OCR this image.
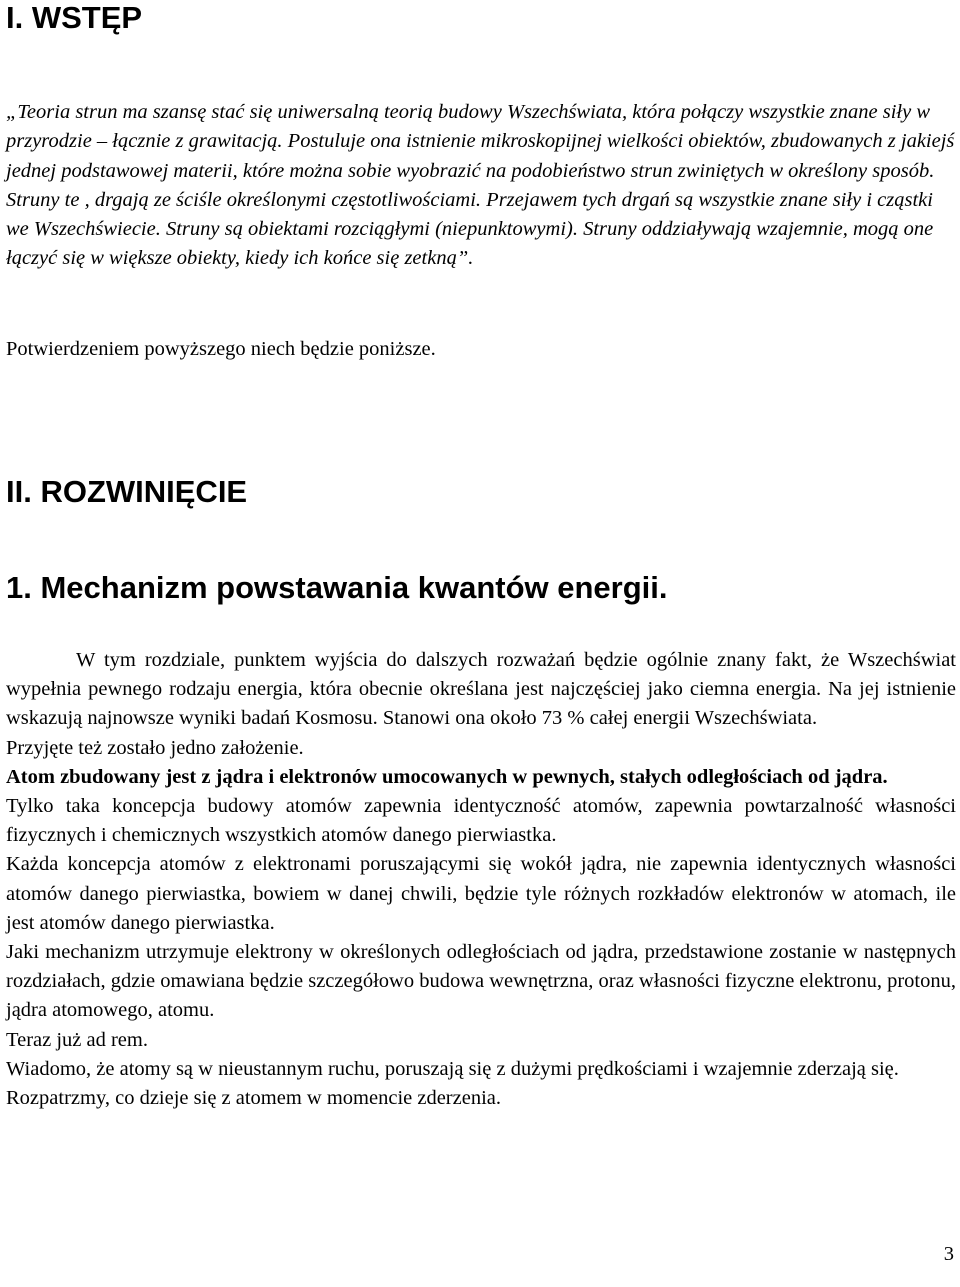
I. WSTĘP

„Teoria strun ma szansę stać się uniwersalną teorią budowy Wszechświata, która połączy wszystkie znane siły w przyrodzie – łącznie z grawitacją. Postuluje ona istnienie mikroskopijnej wielkości obiektów, zbudowanych z jakiejś jednej podstawowej materii, które można sobie wyobrazić na podobieństwo strun zwiniętych w określony sposób. Struny te , drgają ze ściśle określonymi częstotliwościami. Przejawem tych drgań są wszystkie znane siły i cząstki we Wszechświecie. Struny są obiektami rozciągłymi (niepunktowymi). Struny oddziaływają wzajemnie, mogą one łączyć się w większe obiekty, kiedy ich końce się zetkną”.

Potwierdzeniem powyższego niech będzie poniższe.

II. ROZWINIĘCIE
1. Mechanizm powstawania kwantów energii.

W tym rozdziale, punktem wyjścia do dalszych rozważań będzie ogólnie znany fakt, że Wszechświat wypełnia pewnego rodzaju energia, która obecnie określana jest najczęściej jako ciemna energia. Na jej istnienie wskazują najnowsze wyniki badań Kosmosu. Stanowi ona około 73 % całej energii Wszechświata.

Przyjęte też zostało jedno założenie.

Atom zbudowany jest z jądra i elektronów umocowanych w pewnych, stałych odległościach od jądra.

Tylko taka koncepcja budowy atomów zapewnia identyczność atomów, zapewnia powtarzalność własności fizycznych i chemicznych wszystkich atomów danego pierwiastka.

Każda koncepcja atomów z elektronami poruszającymi się wokół jądra, nie zapewnia identycznych własności atomów danego pierwiastka, bowiem w danej chwili, będzie tyle różnych rozkładów elektronów w atomach, ile jest atomów danego pierwiastka.

Jaki mechanizm utrzymuje elektrony w określonych odległościach od jądra, przedstawione zostanie w następnych rozdziałach, gdzie omawiana będzie szczegółowo budowa wewnętrzna, oraz własności fizyczne elektronu, protonu, jądra atomowego, atomu.

Teraz już ad rem.

Wiadomo, że atomy są w nieustannym ruchu, poruszają się z dużymi prędkościami i wzajemnie zderzają się.

Rozpatrzmy, co dzieje się z atomem w momencie zderzenia.

3
